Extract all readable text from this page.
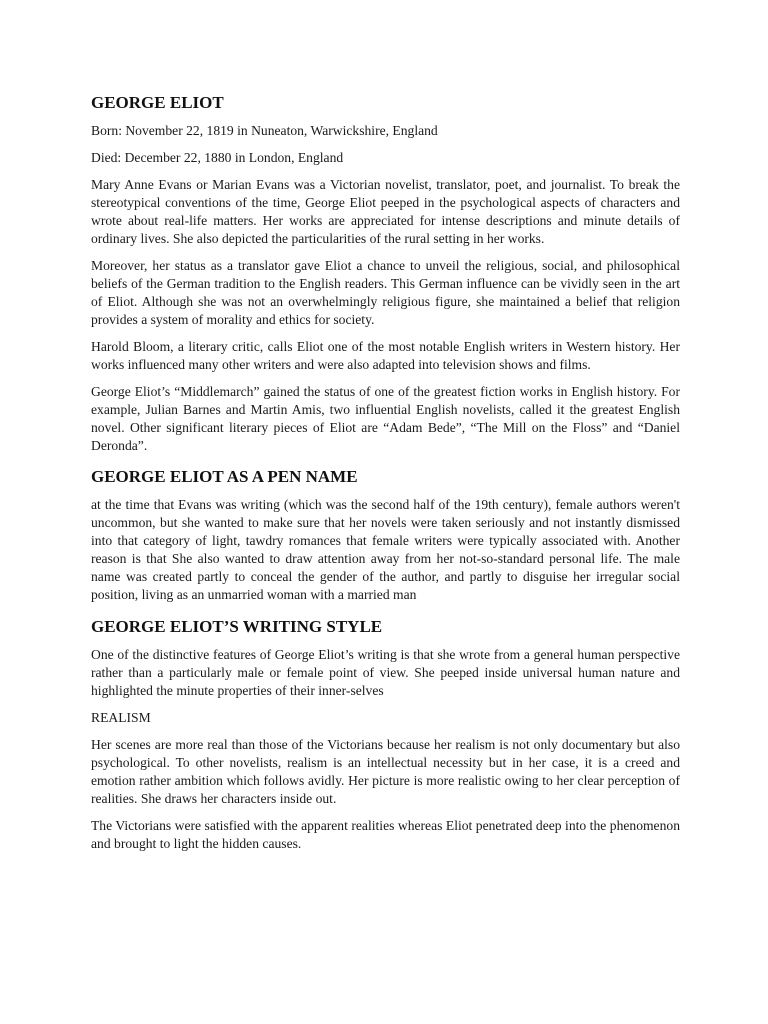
GEORGE ELIOT

Born: November 22, 1819 in Nuneaton, Warwickshire, England

Died: December 22, 1880 in London, England

Mary Anne Evans or Marian Evans was a Victorian novelist, translator, poet, and journalist. To break the stereotypical conventions of the time, George Eliot peeped in the psychological aspects of characters and wrote about real-life matters. Her works are appreciated for intense descriptions and minute details of ordinary lives. She also depicted the particularities of the rural setting in her works.

Moreover, her status as a translator gave Eliot a chance to unveil the religious, social, and philosophical beliefs of the German tradition to the English readers. This German influence can be vividly seen in the art of Eliot. Although she was not an overwhelmingly religious figure, she maintained a belief that religion provides a system of morality and ethics for society.

Harold Bloom, a literary critic, calls Eliot one of the most notable English writers in Western history. Her works influenced many other writers and were also adapted into television shows and films.

George Eliot’s “Middlemarch” gained the status of one of the greatest fiction works in English history. For example, Julian Barnes and Martin Amis, two influential English novelists, called it the greatest English novel. Other significant literary pieces of Eliot are “Adam Bede”, “The Mill on the Floss” and “Daniel Deronda”.

GEORGE ELIOT AS A PEN NAME

at the time that Evans was writing (which was the second half of the 19th century), female authors weren't uncommon, but she wanted to make sure that her novels were taken seriously and not instantly dismissed into that category of light, tawdry romances that female writers were typically associated with. Another reason is that She also wanted to draw attention away from her not-so-standard personal life. The male name was created partly to conceal the gender of the author, and partly to disguise her irregular social position, living as an unmarried woman with a married man

GEORGE ELIOT’S WRITING STYLE

One of the distinctive features of George Eliot’s writing is that she wrote from a general human perspective rather than a particularly male or female point of view. She peeped inside universal human nature and highlighted the minute properties of their inner-selves

REALISM

Her scenes are more real than those of the Victorians because her realism is not only documentary but also psychological. To other novelists, realism is an intellectual necessity but in her case, it is a creed and emotion rather ambition which follows avidly. Her picture is more realistic owing to her clear perception of realities. She draws her characters inside out.

The Victorians were satisfied with the apparent realities whereas Eliot penetrated deep into the phenomenon and brought to light the hidden causes.
